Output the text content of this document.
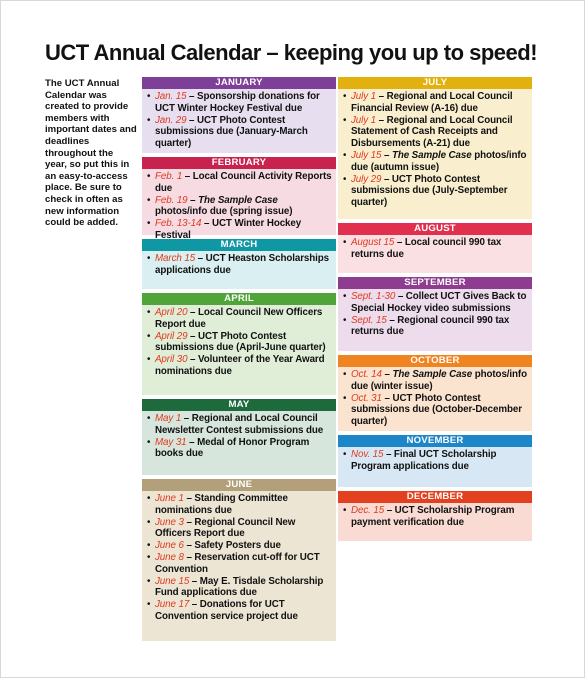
UCT Annual Calendar – keeping you up to speed!
The UCT Annual Calendar was created to provide members with important dates and deadlines throughout the year, so put this in an easy-to-access place. Be sure to check in often as new information could be added.
JANUARY
• Jan. 15 – Sponsorship donations for UCT Winter Hockey Festival due
• Jan. 29 – UCT Photo Contest submissions due (January-March quarter)
FEBRUARY
• Feb. 1 – Local Council Activity Reports due
• Feb. 19 – The Sample Case photos/info due (spring issue)
• Feb. 13-14 – UCT Winter Hockey Festival
MARCH
• March 15 – UCT Heaston Scholarships applications due
APRIL
• April 20 – Local Council New Officers Report due
• April 29 – UCT Photo Contest submissions due (April-June quarter)
• April 30 – Volunteer of the Year Award nominations due
MAY
• May 1 – Regional and Local Council Newsletter Contest submissions due
• May 31 – Medal of Honor Program books due
JUNE
• June 1 – Standing Committee nominations due
• June 3 – Regional Council New Officers Report due
• June 6 – Safety Posters due
• June 8 – Reservation cut-off for UCT Convention
• June 15 – May E. Tisdale Scholarship Fund applications due
• June 17 – Donations for UCT Convention service project due
JULY
• July 1 – Regional and Local Council Financial Review (A-16) due
• July 1 – Regional and Local Council Statement of Cash Receipts and Disbursements (A-21) due
• July 15 – The Sample Case photos/info due (autumn issue)
• July 29 – UCT Photo Contest submissions due (July-September quarter)
AUGUST
• August 15 – Local council 990 tax returns due
SEPTEMBER
• Sept. 1-30 – Collect UCT Gives Back to Special Hockey video submissions
• Sept. 15 – Regional council 990 tax returns due
OCTOBER
• Oct. 14 – The Sample Case photos/info due (winter issue)
• Oct. 31 – UCT Photo Contest submissions due (October-December quarter)
NOVEMBER
• Nov. 15 – Final UCT Scholarship Program applications due
DECEMBER
• Dec. 15 – UCT Scholarship Program payment verification due
